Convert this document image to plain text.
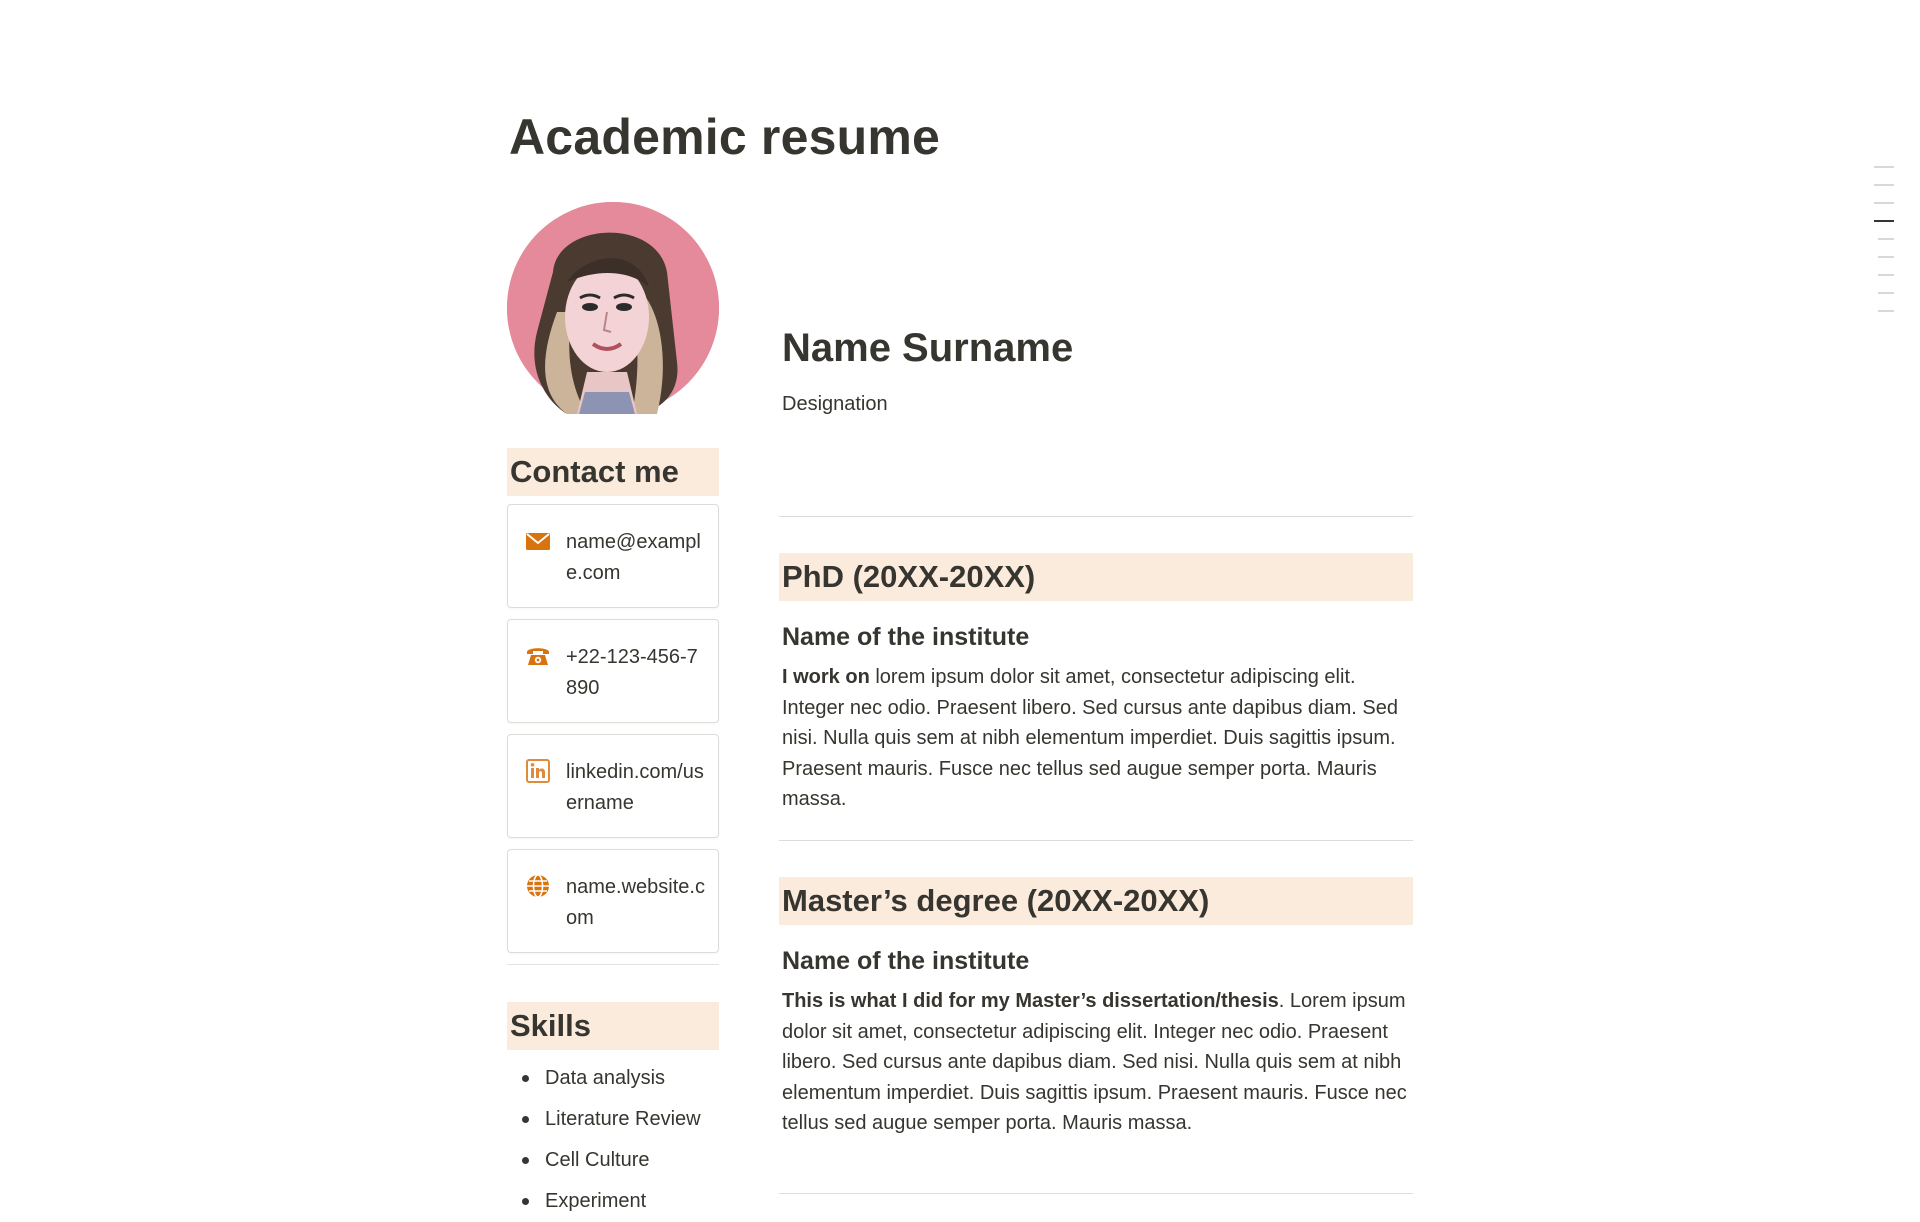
Academic resume
Contact me
name@example.com
+22-123-456-7890
linkedin.com/username
name.website.com
Skills
Data analysis
Literature Review
Cell Culture
Experiment
Name Surname
Designation
PhD (20XX-20XX)
Name of the institute

I work on lorem ipsum dolor sit amet, consectetur adipiscing elit. Integer nec odio. Praesent libero. Sed cursus ante dapibus diam. Sed nisi. Nulla quis sem at nibh elementum imperdiet. Duis sagittis ipsum. Praesent mauris. Fusce nec tellus sed augue semper porta. Mauris massa.

Master’s degree (20XX-20XX)
Name of the institute

This is what I did for my Master’s dissertation/thesis. Lorem ipsum dolor sit amet, consectetur adipiscing elit. Integer nec odio. Praesent libero. Sed cursus ante dapibus diam. Sed nisi. Nulla quis sem at nibh elementum imperdiet. Duis sagittis ipsum. Praesent mauris. Fusce nec tellus sed augue semper porta. Mauris massa.
